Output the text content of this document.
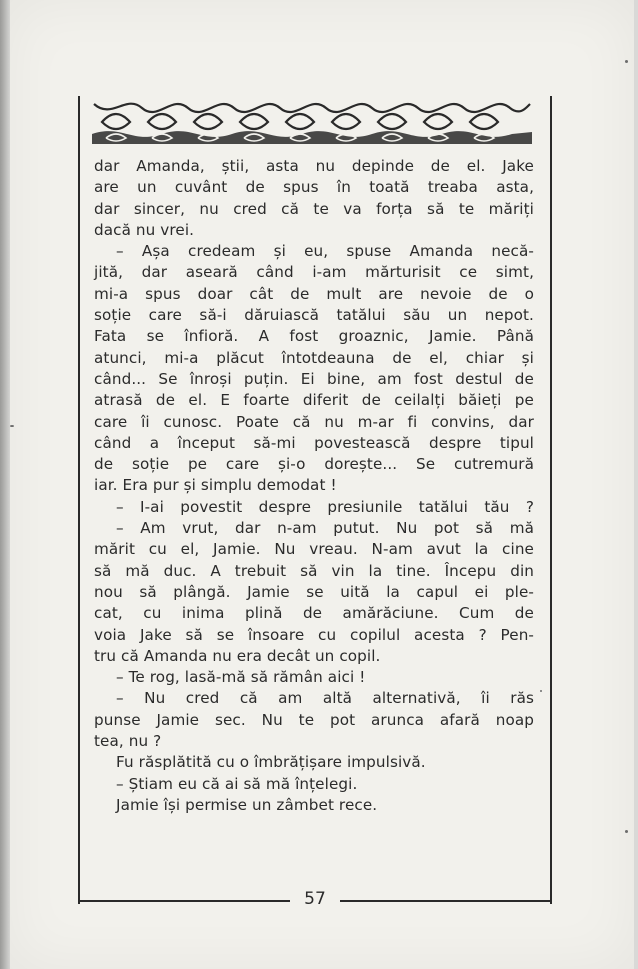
dar Amanda, știi, asta nu depinde de el. Jake
are un cuvânt de spus în toată treaba asta,
dar sincer, nu cred că te va forța să te măriți
dacă nu vrei.
– Așa credeam și eu, spuse Amanda necă-
jită, dar aseară când i-am mărturisit ce simt,
mi-a spus doar cât de mult are nevoie de o
soție care să-i dăruiască tatălui său un nepot.
Fata se înfioră. A fost groaznic, Jamie. Până
atunci, mi-a plăcut întotdeauna de el, chiar și
când... Se înroși puțin. Ei bine, am fost destul de
atrasă de el. E foarte diferit de ceilalți băieți pe
care îi cunosc. Poate că nu m-ar fi convins, dar
când a început să-mi povestească despre tipul
de soție pe care și-o dorește... Se cutremură
iar. Era pur și simplu demodat !
– I-ai povestit despre presiunile tatălui tău ?
– Am vrut, dar n-am putut. Nu pot să mă
mărit cu el, Jamie. Nu vreau. N-am avut la cine
să mă duc. A trebuit să vin la tine. Începu din
nou să plângă. Jamie se uită la capul ei ple-
cat, cu inima plină de amărăciune. Cum de
voia Jake să se însoare cu copilul acesta ? Pen-
tru că Amanda nu era decât un copil.
– Te rog, lasă-mă să rămân aici !
– Nu cred că am altă alternativă, îi răs
punse Jamie sec. Nu te pot arunca afară noap
tea, nu ?
Fu răsplătită cu o îmbrățișare impulsivă.
– Știam eu că ai să mă înțelegi.
Jamie își permise un zâmbet rece.
57
